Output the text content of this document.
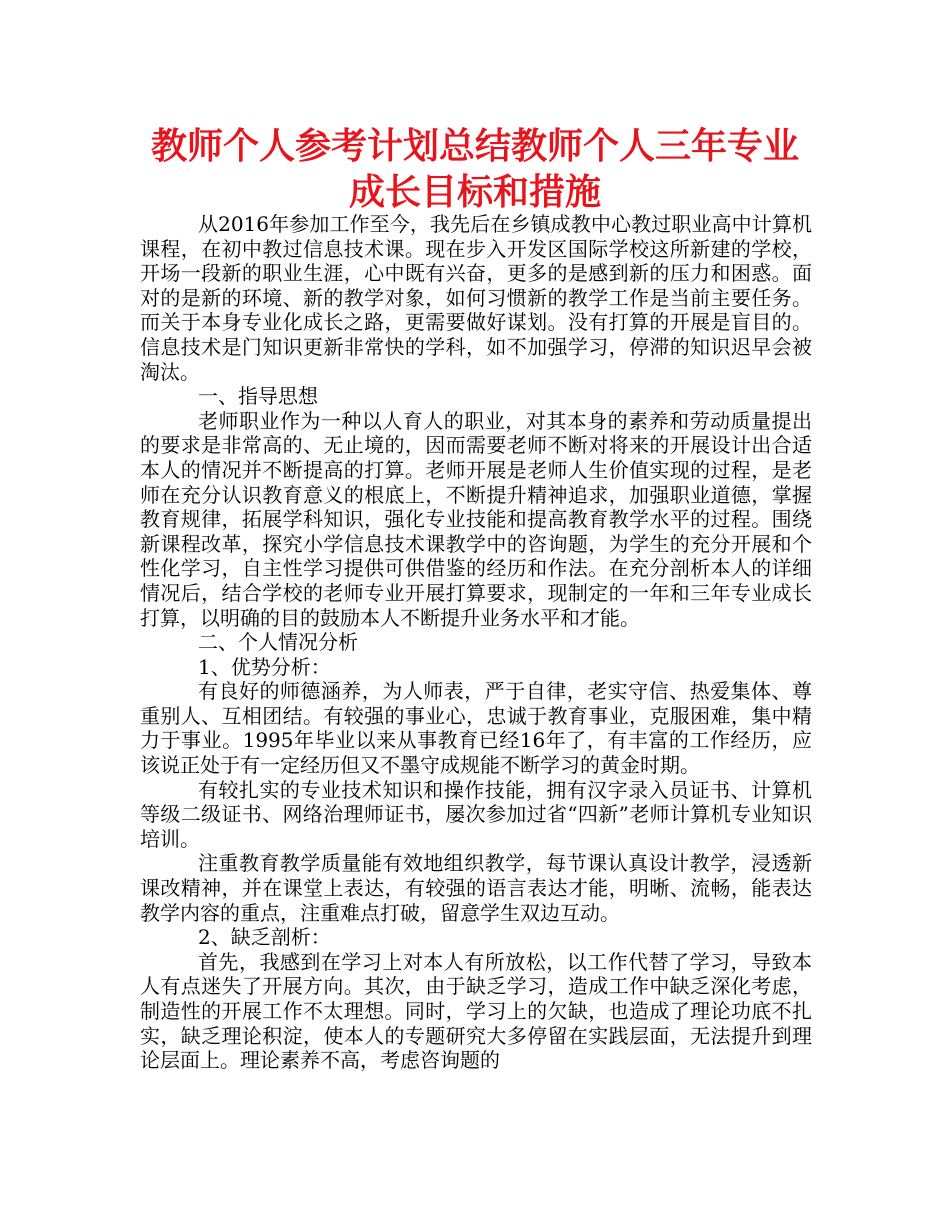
教师个人参考计划总结教师个人三年专业
成长目标和措施

从2016年参加工作至今，我先后在乡镇成教中心教过职业高中计算机课程，在初中教过信息技术课。现在步入开发区国际学校这所新建的学校，开场一段新的职业生涯，心中既有兴奋，更多的是感到新的压力和困惑。面对的是新的环境、新的教学对象，如何习惯新的教学工作是当前主要任务。而关于本身专业化成长之路，更需要做好谋划。没有打算的开展是盲目的。信息技术是门知识更新非常快的学科，如不加强学习，停滞的知识迟早会被淘汰。

一、指导思想

老师职业作为一种以人育人的职业，对其本身的素养和劳动质量提出的要求是非常高的、无止境的，因而需要老师不断对将来的开展设计出合适本人的情况并不断提高的打算。老师开展是老师人生价值实现的过程，是老师在充分认识教育意义的根底上，不断提升精神追求，加强职业道德，掌握教育规律，拓展学科知识，强化专业技能和提高教育教学水平的过程。围绕新课程改革，探究小学信息技术课教学中的咨询题，为学生的充分开展和个性化学习，自主性学习提供可供借鉴的经历和作法。在充分剖析本人的详细情况后，结合学校的老师专业开展打算要求，现制定的一年和三年专业成长打算，以明确的目的鼓励本人不断提升业务水平和才能。

二、个人情况分析

1、优势分析：

有良好的师德涵养，为人师表，严于自律，老实守信、热爱集体、尊重别人、互相团结。有较强的事业心，忠诚于教育事业，克服困难，集中精力于事业。1995年毕业以来从事教育已经16年了，有丰富的工作经历，应该说正处于有一定经历但又不墨守成规能不断学习的黄金时期。

有较扎实的专业技术知识和操作技能，拥有汉字录入员证书、计算机等级二级证书、网络治理师证书，屡次参加过省“四新”老师计算机专业知识培训。

注重教育教学质量能有效地组织教学，每节课认真设计教学，浸透新课改精神，并在课堂上表达，有较强的语言表达才能，明晰、流畅，能表达教学内容的重点，注重难点打破，留意学生双边互动。

2、缺乏剖析：

首先，我感到在学习上对本人有所放松，以工作代替了学习，导致本人有点迷失了开展方向。其次，由于缺乏学习，造成工作中缺乏深化考虑，制造性的开展工作不太理想。同时，学习上的欠缺，也造成了理论功底不扎实，缺乏理论积淀，使本人的专题研究大多停留在实践层面，无法提升到理论层面上。理论素养不高，考虑咨询题的
